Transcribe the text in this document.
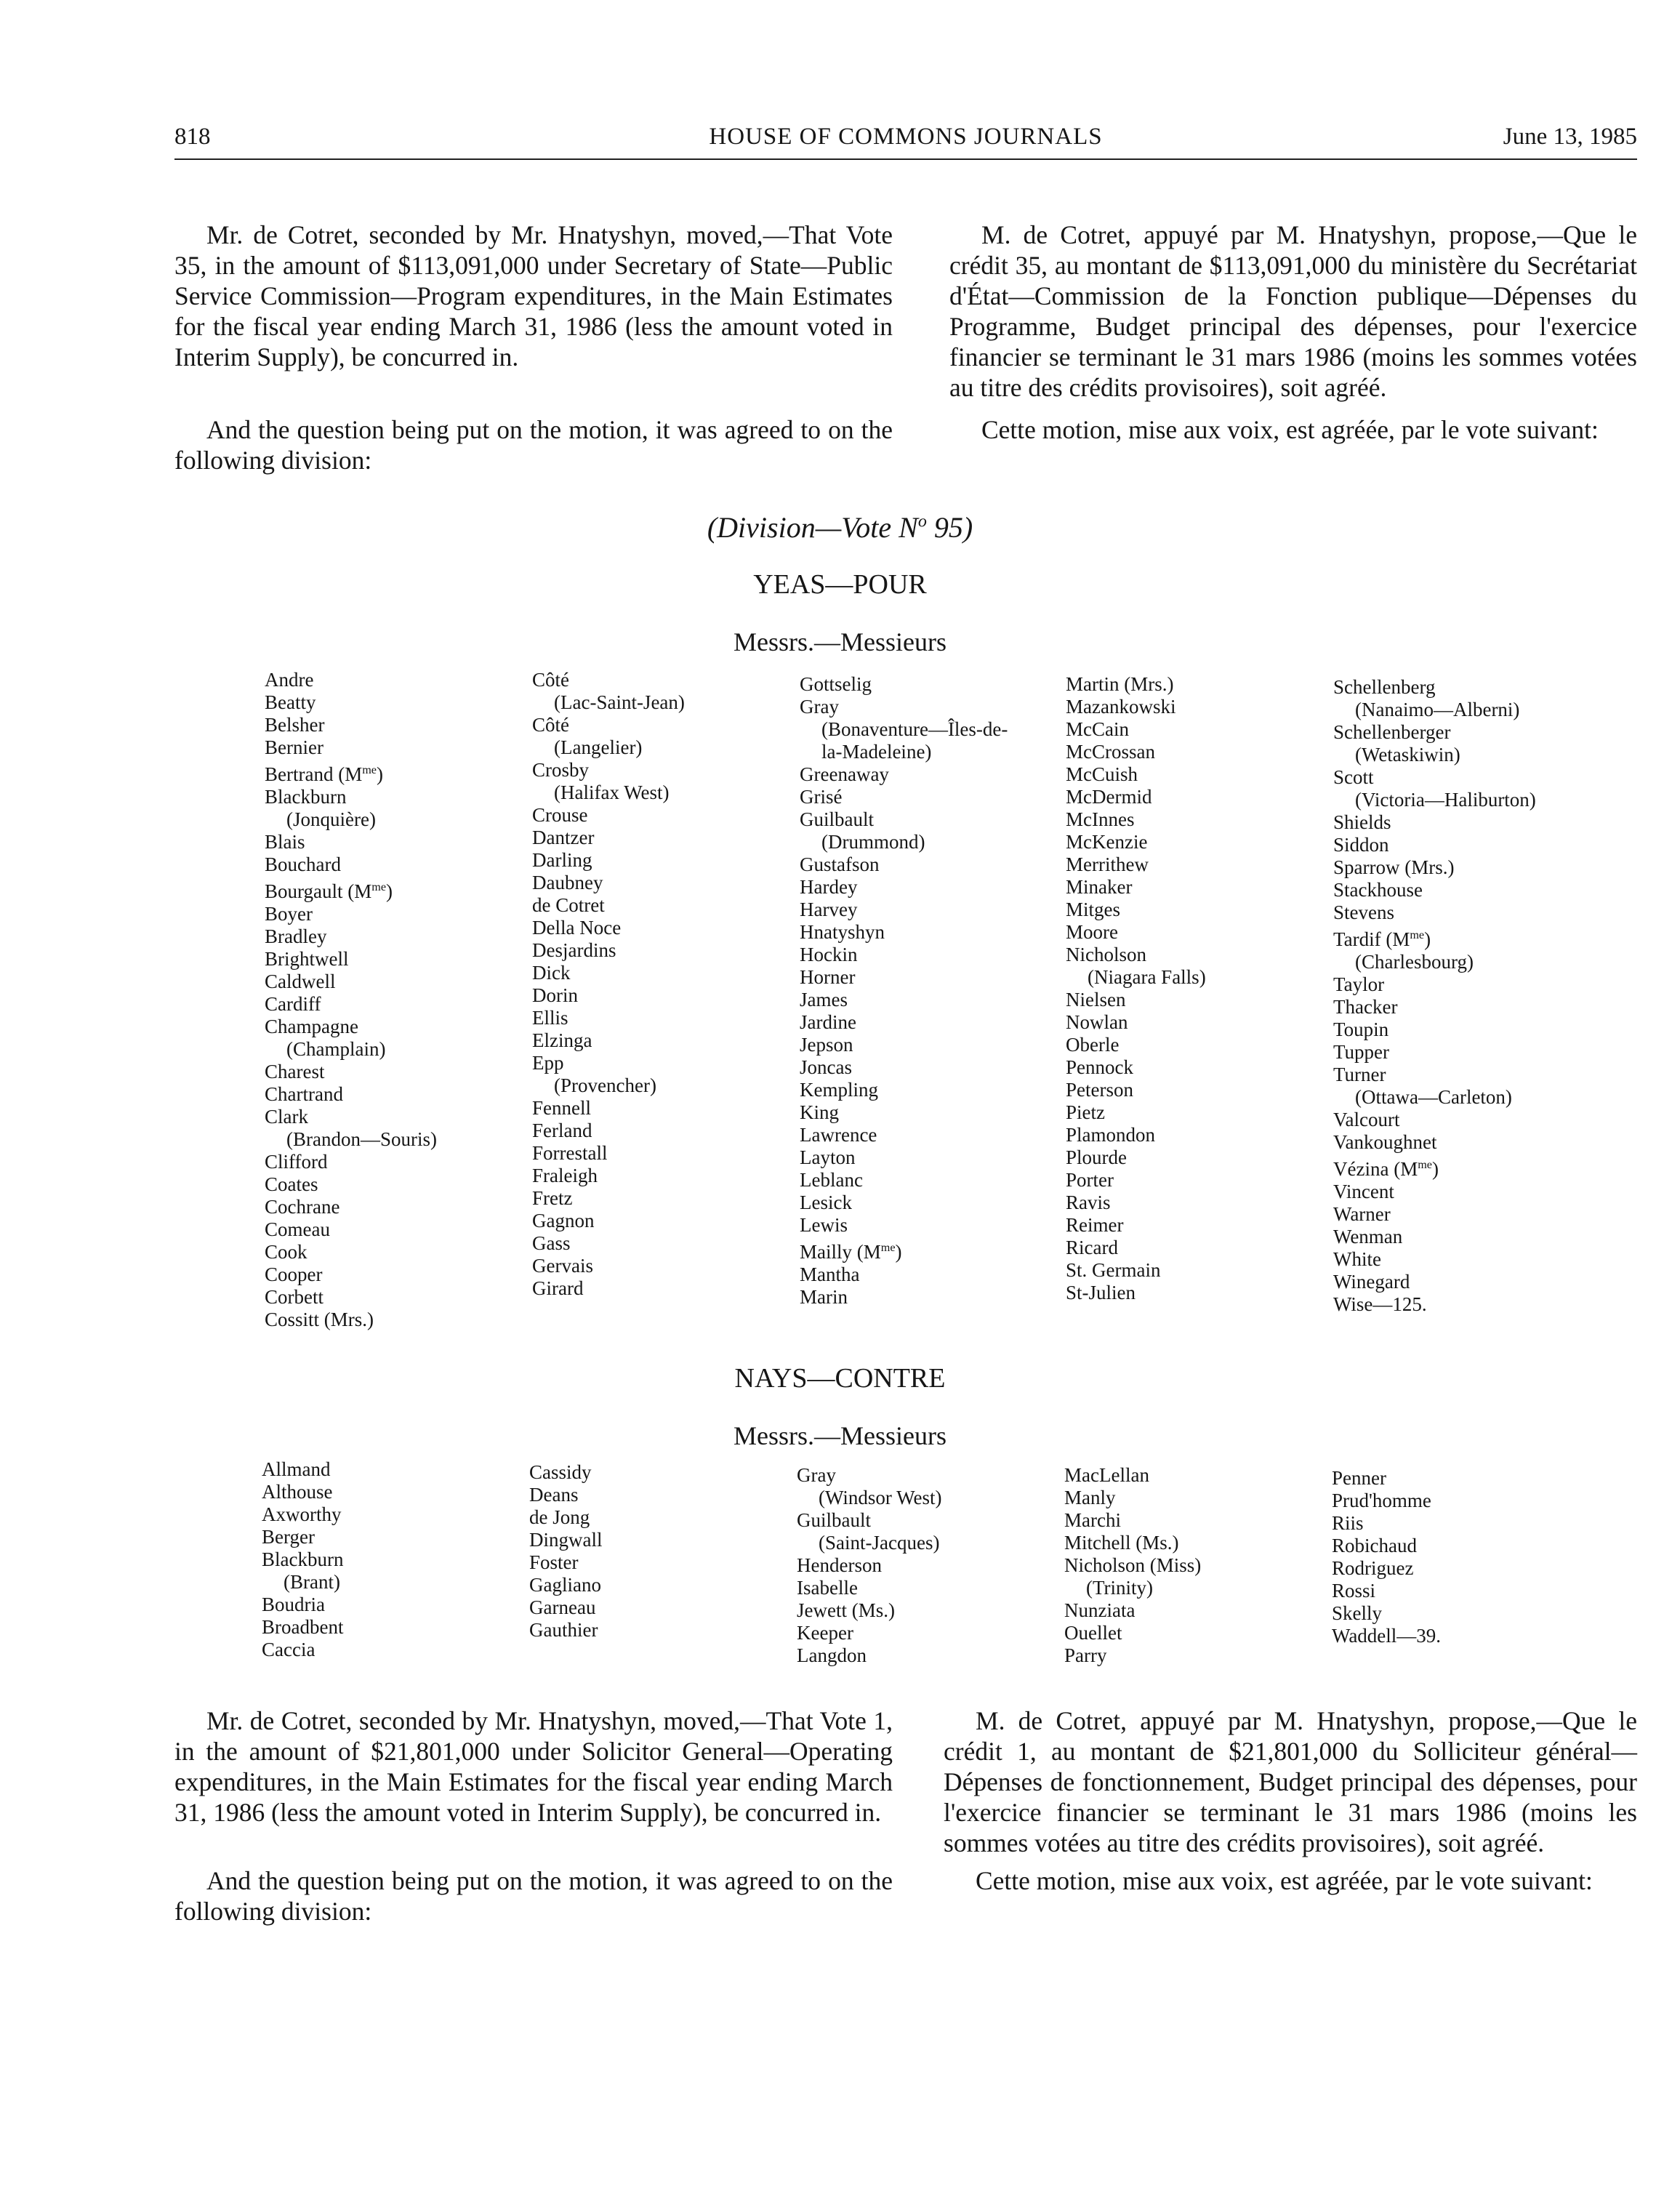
818	HOUSE OF COMMONS JOURNALS	June 13, 1985

Mr. de Cotret, seconded by Mr. Hnatyshyn, moved,—That Vote 35, in the amount of $113,091,000 under Secretary of State—Public Service Commission—Program expenditures, in the Main Estimates for the fiscal year ending March 31, 1986 (less the amount voted in Interim Supply), be concurred in.

M. de Cotret, appuyé par M. Hnatyshyn, propose,—Que le crédit 35, au montant de $113,091,000 du ministère du Secrétariat d'État—Commission de la Fonction publique—Dépenses du Programme, Budget principal des dépenses, pour l'exercice financier se terminant le 31 mars 1986 (moins les sommes votées au titre des crédits provisoires), soit agréé.

And the question being put on the motion, it was agreed to on the following division:

Cette motion, mise aux voix, est agréée, par le vote suivant:

(Division—Vote $N^o$ 95)
YEAS—POUR
Messrs.—Messieurs
Andre
Beatty
Belsher
Bernier
Bertrand $(M^{me})$
Blackburn
(Jonquière)
Blais
Bouchard
Bourgault $(M^{me})$
Boyer
Bradley
Brightwell
Caldwell
Cardiff
Champagne
(Champlain)
Charest
Chartrand
Clark
(Brandon—Souris)
Clifford
Coates
Cochrane
Comeau
Cook
Cooper
Corbett
Cossitt (Mrs.)
Côté
(Lac-Saint-Jean)
Côté
(Langelier)
Crosby
(Halifax West)
Crouse
Dantzer
Darling
Daubney
de Cotret
Della Noce
Desjardins
Dick
Dorin
Ellis
Elzinga
Epp
(Provencher)
Fennell
Ferland
Forrestall
Fraleigh
Fretz
Gagnon
Gass
Gervais
Girard
Gottselig
Gray
(Bonaventure—Îles-de-
la-Madeleine)
Greenaway
Grisé
Guilbault
(Drummond)
Gustafson
Hardey
Harvey
Hnatyshyn
Hockin
Horner
James
Jardine
Jepson
Joncas
Kempling
King
Lawrence
Layton
Leblanc
Lesick
Lewis
Mailly $(M^{me})$
Mantha
Marin
Martin (Mrs.)
Mazankowski
McCain
McCrossan
McCuish
McDermid
McInnes
McKenzie
Merrithew
Minaker
Mitges
Moore
Nicholson
(Niagara Falls)
Nielsen
Nowlan
Oberle
Pennock
Peterson
Pietz
Plamondon
Plourde
Porter
Ravis
Reimer
Ricard
St. Germain
St-Julien
Schellenberg
(Nanaimo—Alberni)
Schellenberger
(Wetaskiwin)
Scott
(Victoria—Haliburton)
Shields
Siddon
Sparrow (Mrs.)
Stackhouse
Stevens
Tardif $(M^{me})$
(Charlesbourg)
Taylor
Thacker
Toupin
Tupper
Turner
(Ottawa—Carleton)
Valcourt
Vankoughnet
Vézina $(M^{me})$
Vincent
Warner
Wenman
White
Winegard
Wise—125.
NAYS—CONTRE
Messrs.—Messieurs
Allmand
Althouse
Axworthy
Berger
Blackburn
(Brant)
Boudria
Broadbent
Caccia
Cassidy
Deans
de Jong
Dingwall
Foster
Gagliano
Garneau
Gauthier
Gray
(Windsor West)
Guilbault
(Saint-Jacques)
Henderson
Isabelle
Jewett (Ms.)
Keeper
Langdon
MacLellan
Manly
Marchi
Mitchell (Ms.)
Nicholson (Miss)
(Trinity)
Nunziata
Ouellet
Parry
Penner
Prud'homme
Riis
Robichaud
Rodriguez
Rossi
Skelly
Waddell—39.

Mr. de Cotret, seconded by Mr. Hnatyshyn, moved,—That Vote 1, in the amount of $21,801,000 under Solicitor General—Operating expenditures, in the Main Estimates for the fiscal year ending March 31, 1986 (less the amount voted in Interim Supply), be concurred in.

M. de Cotret, appuyé par M. Hnatyshyn, propose,—Que le crédit 1, au montant de $21,801,000 du Solliciteur général—Dépenses de fonctionnement, Budget principal des dépenses, pour l'exercice financier se terminant le 31 mars 1986 (moins les sommes votées au titre des crédits provisoires), soit agréé.

And the question being put on the motion, it was agreed to on the following division:

Cette motion, mise aux voix, est agréée, par le vote suivant:
